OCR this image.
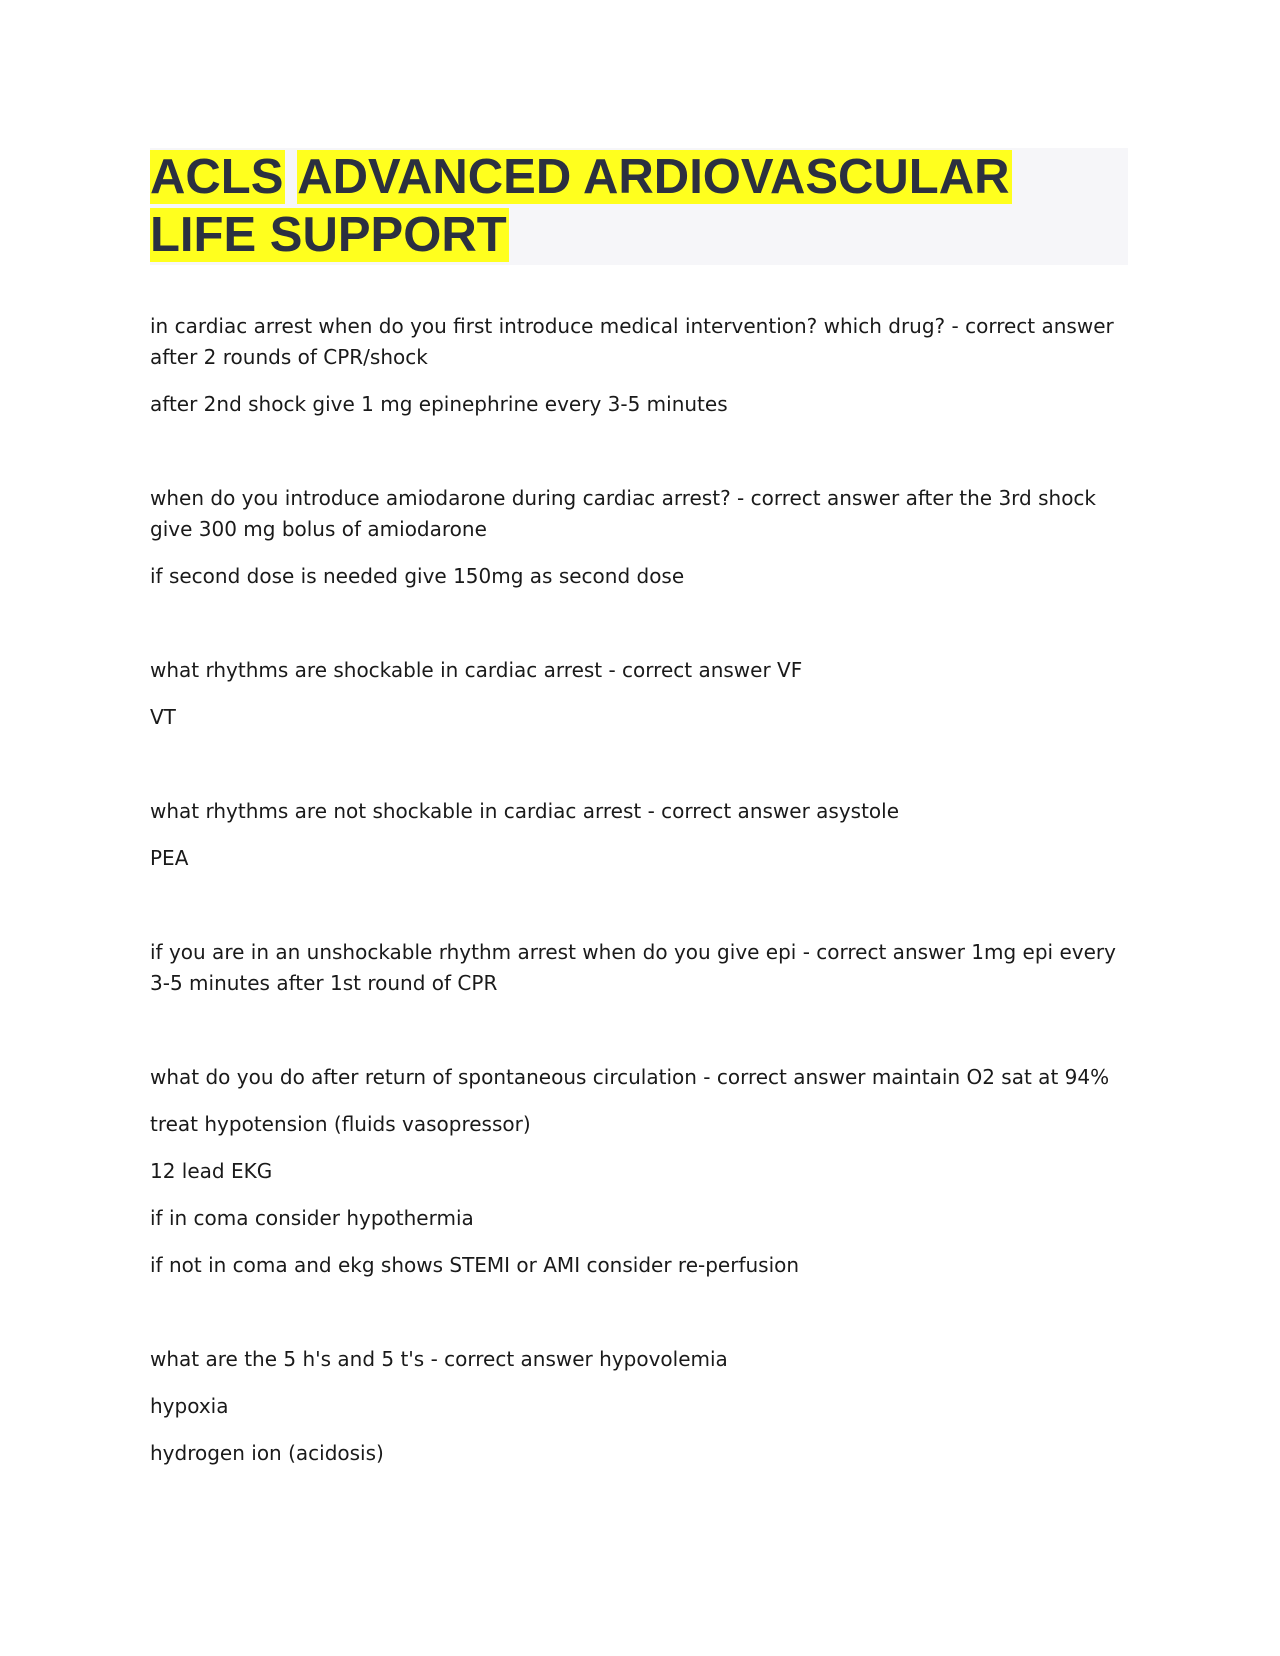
ACLS ADVANCED ARDIOVASCULAR
LIFE SUPPORT

in cardiac arrest when do you first introduce medical intervention? which drug? - correct answer after 2 rounds of CPR/shock

after 2nd shock give 1 mg epinephrine every 3-5 minutes

when do you introduce amiodarone during cardiac arrest? - correct answer after the 3rd shock give 300 mg bolus of amiodarone

if second dose is needed give 150mg as second dose

what rhythms are shockable in cardiac arrest - correct answer VF

VT

what rhythms are not shockable in cardiac arrest - correct answer asystole

PEA

if you are in an unshockable rhythm arrest when do you give epi - correct answer 1mg epi every 3-5 minutes after 1st round of CPR

what do you do after return of spontaneous circulation - correct answer maintain O2 sat at 94%

treat hypotension (fluids vasopressor)

12 lead EKG

if in coma consider hypothermia

if not in coma and ekg shows STEMI or AMI consider re-perfusion

what are the 5 h's and 5 t's - correct answer hypovolemia

hypoxia

hydrogen ion (acidosis)
